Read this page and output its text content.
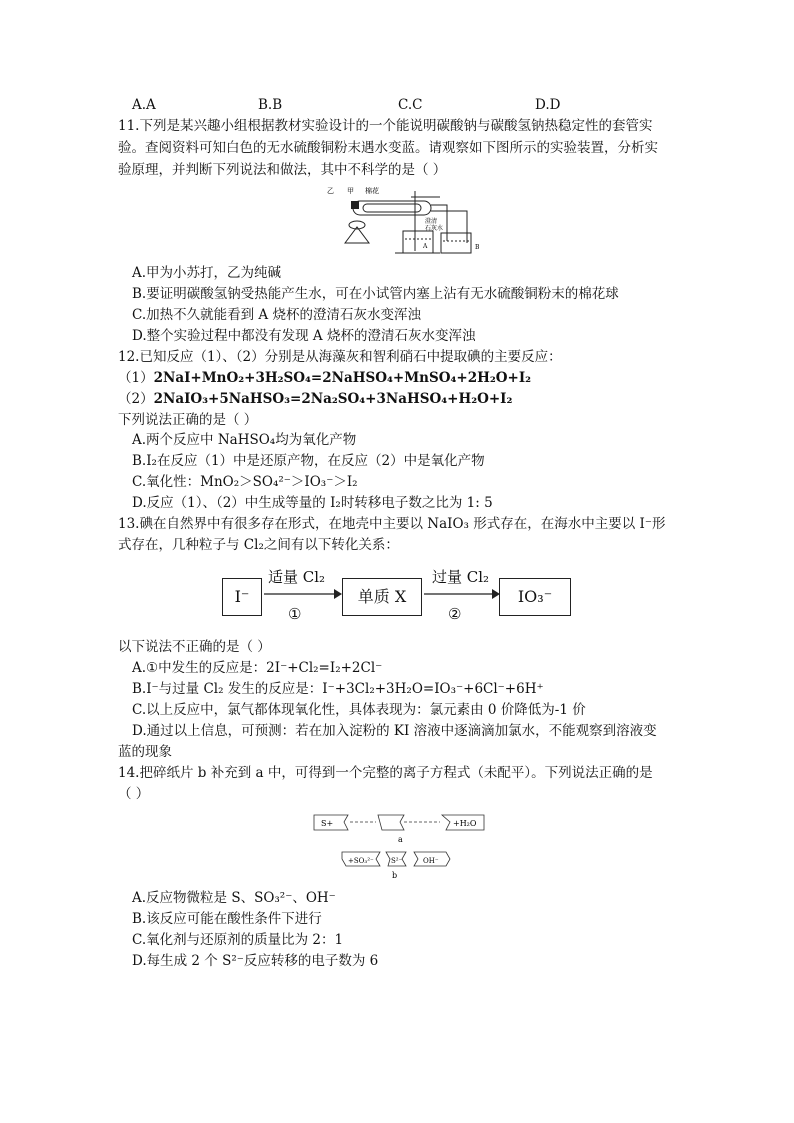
A.A	B.B	C.C	D.D
11.下列是某兴趣小组根据教材实验设计的一个能说明碳酸钠与碳酸氢钠热稳定性的套管实
验。查阅资料可知白色的无水硫酸铜粉末遇水变蓝。请观察如下图所示的实验装置，分析实
验原理，并判断下列说法和做法，其中不科学的是（ ）
乙 甲 棉花
澄清
石灰水
A	B
A.甲为小苏打，乙为纯碱
B.要证明碳酸氢钠受热能产生水，可在小试管内塞上沾有无水硫酸铜粉末的棉花球
C.加热不久就能看到 A 烧杯的澄清石灰水变浑浊
D.整个实验过程中都没有发现 A 烧杯的澄清石灰水变浑浊
12.已知反应（1）、（2）分别是从海藻灰和智利硝石中提取碘的主要反应：
（1）2NaI+MnO₂+3H₂SO₄=2NaHSO₄+MnSO₄+2H₂O+I₂
（2）2NaIO₃+5NaHSO₃=2Na₂SO₄+3NaHSO₄+H₂O+I₂
下列说法正确的是（ ）
A.两个反应中 NaHSO₄均为氧化产物
B.I₂在反应（1）中是还原产物，在反应（2）中是氧化产物
C.氧化性：MnO₂＞SO₄²⁻＞IO₃⁻＞I₂
D.反应（1）、（2）中生成等量的 I₂时转移电子数之比为 1: 5
13.碘在自然界中有很多存在形式，在地壳中主要以 NaIO₃ 形式存在，在海水中主要以 I⁻形
式存在，几种粒子与 Cl₂之间有以下转化关系：
I⁻
适量 Cl₂
①
单质 X
过量 Cl₂
②
IO₃⁻
以下说法不正确的是（ ）
A.①中发生的反应是：2I⁻+Cl₂=I₂+2Cl⁻
B.I⁻与过量 Cl₂ 发生的反应是：I⁻+3Cl₂+3H₂O=IO₃⁻+6Cl⁻+6H⁺
C.以上反应中，氯气都体现氧化性，具体表现为：氯元素由 0 价降低为-1 价
D.通过以上信息，可预测：若在加入淀粉的 KI 溶液中逐滴滴加氯水，不能观察到溶液变
蓝的现象
14.把碎纸片 b 补充到 a 中，可得到一个完整的离子方程式（未配平）。下列说法正确的是
（ ）
S+	+H₂O
a
+SO₃²⁻ S²⁻	OH⁻
b
A.反应物微粒是 S、SO₃²⁻、OH⁻
B.该反应可能在酸性条件下进行
C.氧化剂与还原剂的质量比为 2：1
D.每生成 2 个 S²⁻反应转移的电子数为 6
